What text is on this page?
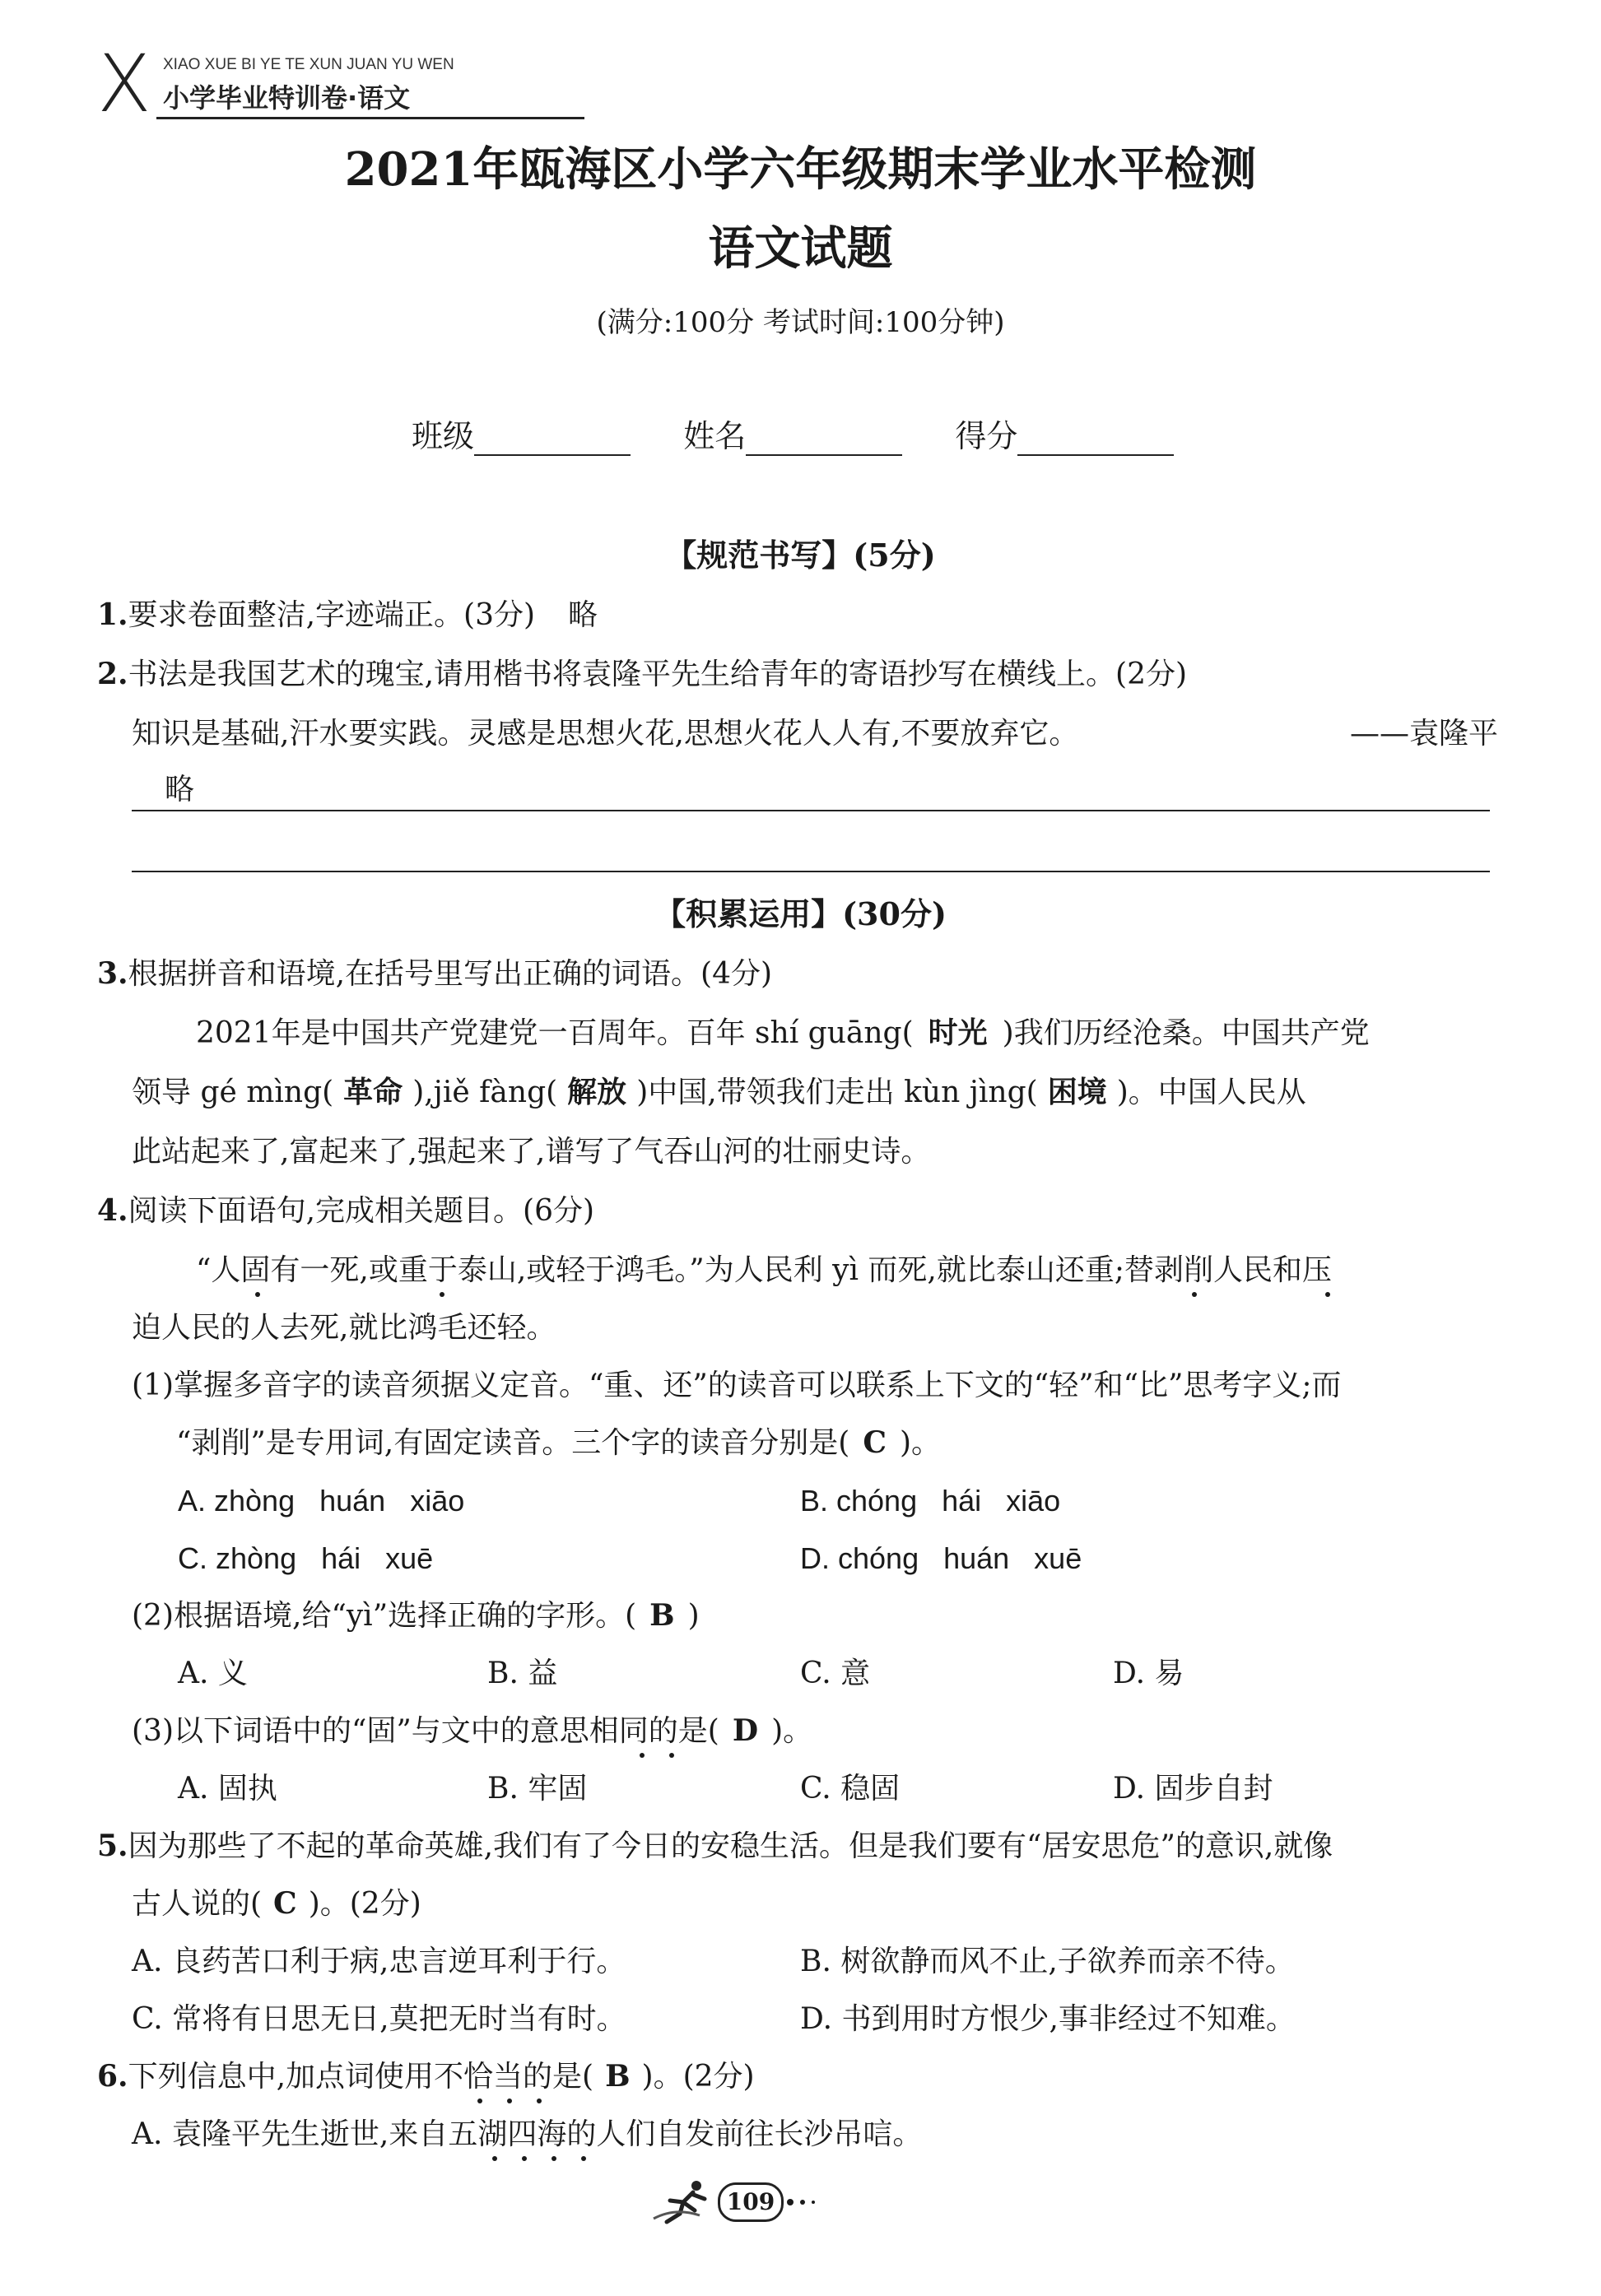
X XIAO XUE BI YE TE XUN JUAN YU WEN
小学毕业特训卷·语文
2021年瓯海区小学六年级期末学业水平检测
语文试题
(满分:100分 考试时间:100分钟)
班级	姓名	得分
【规范书写】(5分)
1.要求卷面整洁,字迹端正。(3分) 略
2.书法是我国艺术的瑰宝,请用楷书将袁隆平先生给青年的寄语抄写在横线上。(2分)
知识是基础,汗水要实践。灵感是思想火花,思想火花人人有,不要放弃它。	——袁隆平
略
【积累运用】(30分)
3.根据拼音和语境,在括号里写出正确的词语。(4分)
2021年是中国共产党建党一百周年。百年 shí guāng( 时光 )我们历经沧桑。中国共产党
领导 gé mìng( 革命 ),jiě fàng( 解放 )中国,带领我们走出 kùn jìng( 困境 )。中国人民从
此站起来了,富起来了,强起来了,谱写了气吞山河的壮丽史诗。
4.阅读下面语句,完成相关题目。(6分)
“人固有一死,或重于泰山,或轻于鸿毛。”为人民利 yì 而死,就比泰山还重;替剥削人民和压
迫人民的人去死,就比鸿毛还轻。
(1)掌握多音字的读音须据义定音。“重、还”的读音可以联系上下文的“轻”和“比”思考字义;而
“剥削”是专用词,有固定读音。三个字的读音分别是( C )。
A. zhòng   huán   xiāo	B. chóng   hái   xiāo
C. zhòng   hái   xuē	D. chóng   huán   xuē
(2)根据语境,给“yì”选择正确的字形。( B )
A. 义	B. 益	C. 意	D. 易
(3)以下词语中的“固”与文中的意思相同的是( D )。
A. 固执	B. 牢固	C. 稳固	D. 固步自封
5.因为那些了不起的革命英雄,我们有了今日的安稳生活。但是我们要有“居安思危”的意识,就像
古人说的( C )。(2分)
A. 良药苦口利于病,忠言逆耳利于行。	B. 树欲静而风不止,子欲养而亲不待。
C. 常将有日思无日,莫把无时当有时。	D. 书到用时方恨少,事非经过不知难。
6.下列信息中,加点词使用不恰当的是( B )。(2分)
A. 袁隆平先生逝世,来自五湖四海的人们自发前往长沙吊唁。
109
